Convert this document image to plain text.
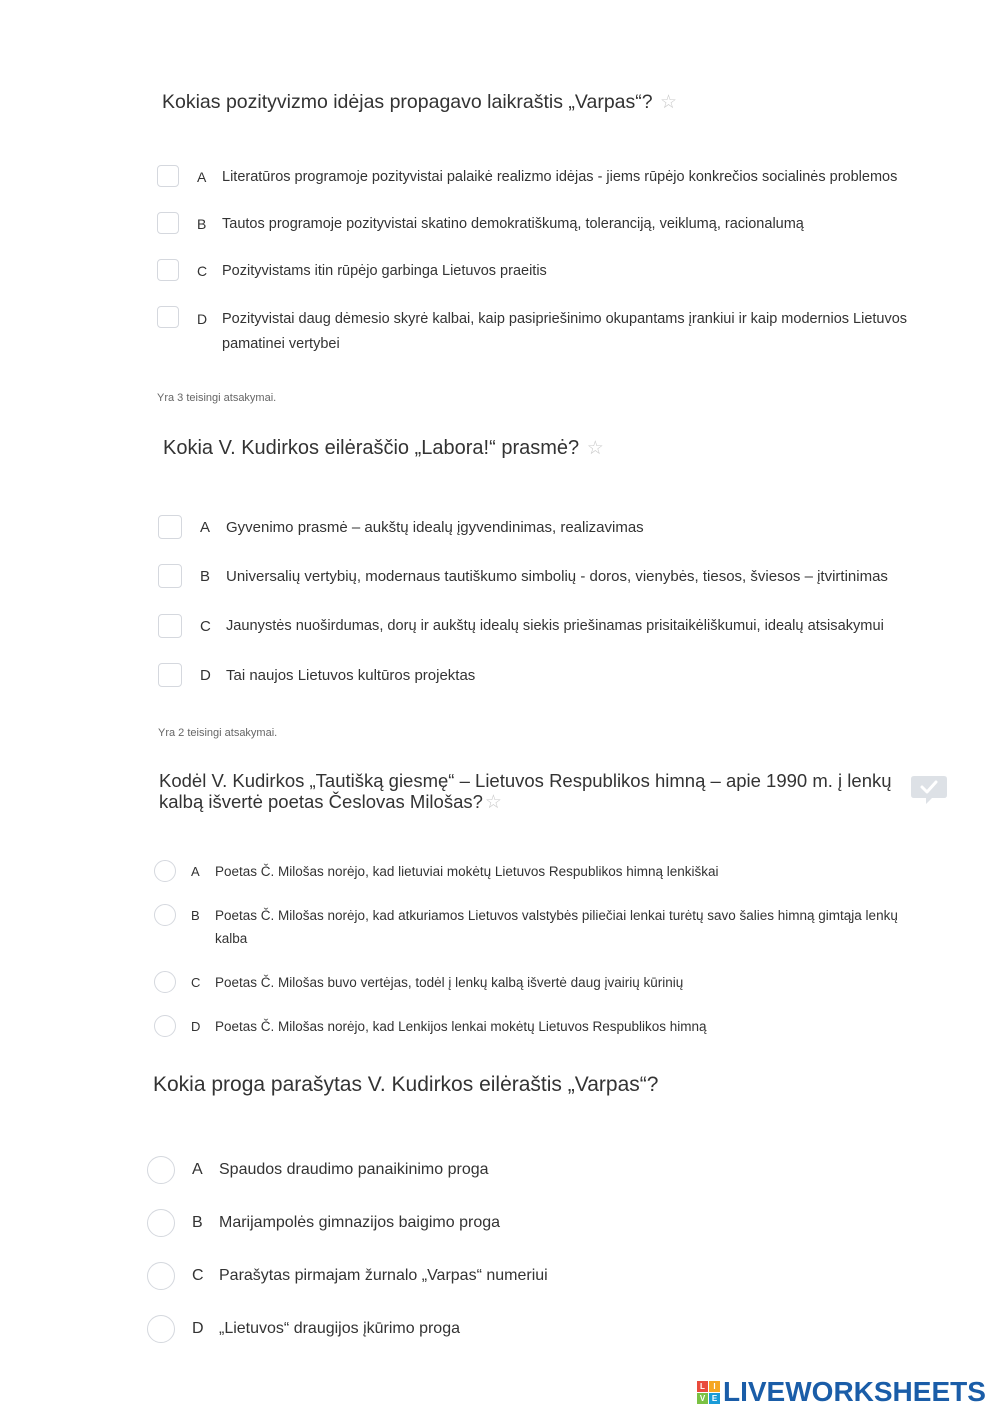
Kokias pozityvizmo idėjas propagavo laikraštis „Varpas“? ☆
A Literatūros programoje pozityvistai palaikė realizmo idėjas - jiems rūpėjo konkrečios socialinės problemos
B Tautos programoje pozityvistai skatino demokratiškumą, toleranciją, veiklumą, racionalumą
C Pozityvistams itin rūpėjo garbinga Lietuvos praeitis
D Pozityvistai daug dėmesio skyrė kalbai, kaip pasipriešinimo okupantams įrankiui ir kaip modernios Lietuvos
pamatinei vertybei
Yra 3 teisingi atsakymai.
Kokia V. Kudirkos eilėraščio „Labora!“ prasmė? ☆
A Gyvenimo prasmė – aukštų idealų įgyvendinimas, realizavimas
B Universalių vertybių, modernaus tautiškumo simbolių - doros, vienybės, tiesos, šviesos – įtvirtinimas
C Jaunystės nuoširdumas, dorų ir aukštų idealų siekis priešinamas prisitaikėliškumui, idealų atsisakymui
D Tai naujos Lietuvos kultūros projektas
Yra 2 teisingi atsakymai.
Kodėl V. Kudirkos „Tautišką giesmę“ – Lietuvos Respublikos himną – apie 1990 m. į lenkų
kalbą išvertė poetas Česlovas Milošas? ☆
A Poetas Č. Milošas norėjo, kad lietuviai mokėtų Lietuvos Respublikos himną lenkiškai
B Poetas Č. Milošas norėjo, kad atkuriamos Lietuvos valstybės piliečiai lenkai turėtų savo šalies himną gimtąja lenkų
kalba
C Poetas Č. Milošas buvo vertėjas, todėl į lenkų kalbą išvertė daug įvairių kūrinių
D Poetas Č. Milošas norėjo, kad Lenkijos lenkai mokėtų Lietuvos Respublikos himną
Kokia proga parašytas V. Kudirkos eilėraštis „Varpas“?
A Spaudos draudimo panaikinimo proga
B Marijampolės gimnazijos baigimo proga
C Parašytas pirmajam žurnalo „Varpas“ numeriui
D „Lietuvos“ draugijos įkūrimo proga
L	I
V E LIVEWORKSHEETS
